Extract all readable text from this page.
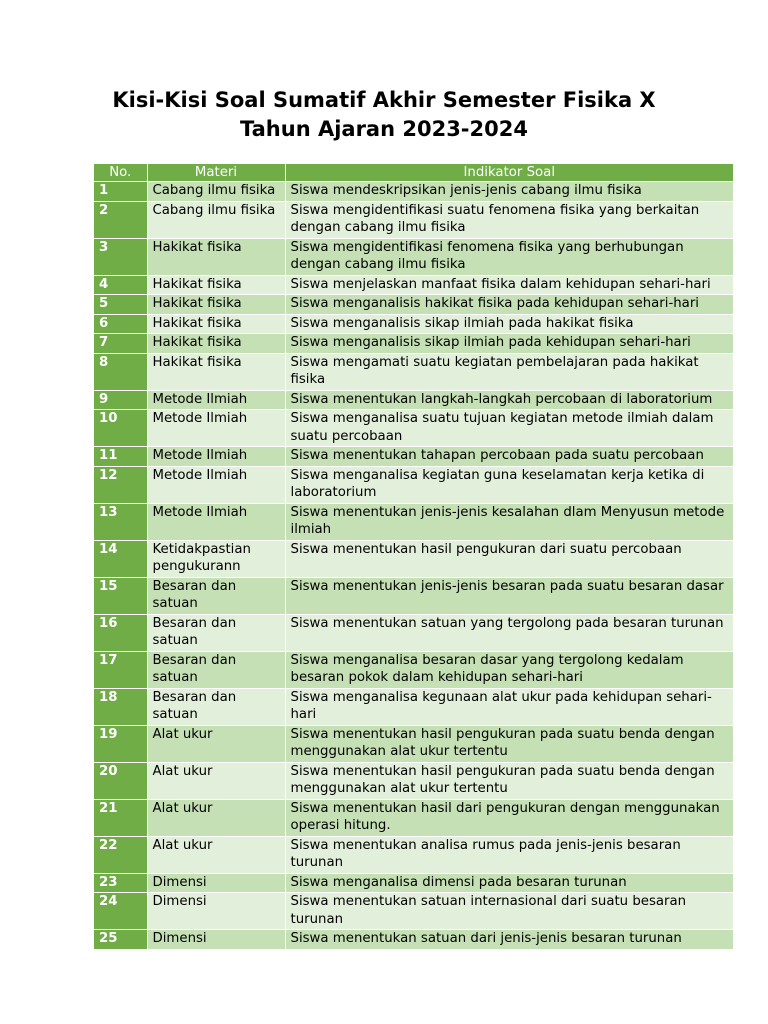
Kisi-Kisi Soal Sumatif Akhir Semester Fisika X
Tahun Ajaran 2023-2024
No.	Materi	Indikator Soal
1	Cabang ilmu fisika	Siswa mendeskripsikan jenis-jenis cabang ilmu fisika
2	Cabang ilmu fisika	Siswa mengidentifikasi suatu fenomena fisika yang berkaitan dengan cabang ilmu fisika
3	Hakikat fisika	Siswa mengidentifikasi fenomena fisika yang berhubungan dengan cabang ilmu fisika
4	Hakikat fisika	Siswa menjelaskan manfaat fisika dalam kehidupan sehari-hari
5	Hakikat fisika	Siswa menganalisis hakikat fisika pada kehidupan sehari-hari
6	Hakikat fisika	Siswa menganalisis sikap ilmiah pada hakikat fisika
7	Hakikat fisika	Siswa menganalisis sikap ilmiah pada kehidupan sehari-hari
8	Hakikat fisika	Siswa mengamati suatu kegiatan pembelajaran pada hakikat fisika
9	Metode Ilmiah	Siswa menentukan langkah-langkah percobaan di laboratorium
10	Metode Ilmiah	Siswa menganalisa suatu tujuan kegiatan metode ilmiah dalam suatu percobaan
11	Metode Ilmiah	Siswa menentukan tahapan percobaan pada suatu percobaan
12	Metode Ilmiah	Siswa menganalisa kegiatan guna keselamatan kerja ketika di laboratorium
13	Metode Ilmiah	Siswa menentukan jenis-jenis kesalahan dlam Menyusun metode ilmiah
14	Ketidakpastian pengukurann	Siswa menentukan hasil pengukuran dari suatu percobaan
15	Besaran dan satuan	Siswa menentukan jenis-jenis besaran pada suatu besaran dasar
16	Besaran dan satuan	Siswa menentukan satuan yang tergolong pada besaran turunan
17	Besaran dan satuan	Siswa menganalisa besaran dasar yang tergolong kedalam besaran pokok dalam kehidupan sehari-hari
18	Besaran dan satuan	Siswa menganalisa kegunaan alat ukur pada kehidupan sehari-hari
19	Alat ukur	Siswa menentukan hasil pengukuran pada suatu benda dengan menggunakan alat ukur tertentu
20	Alat ukur	Siswa menentukan hasil pengukuran pada suatu benda dengan menggunakan alat ukur tertentu
21	Alat ukur	Siswa menentukan hasil dari pengukuran dengan menggunakan operasi hitung.
22	Alat ukur	Siswa menentukan analisa rumus pada jenis-jenis besaran turunan
23	Dimensi	Siswa menganalisa dimensi pada besaran turunan
24	Dimensi	Siswa menentukan satuan internasional dari suatu besaran turunan
25	Dimensi	Siswa menentukan satuan dari jenis-jenis besaran turunan
